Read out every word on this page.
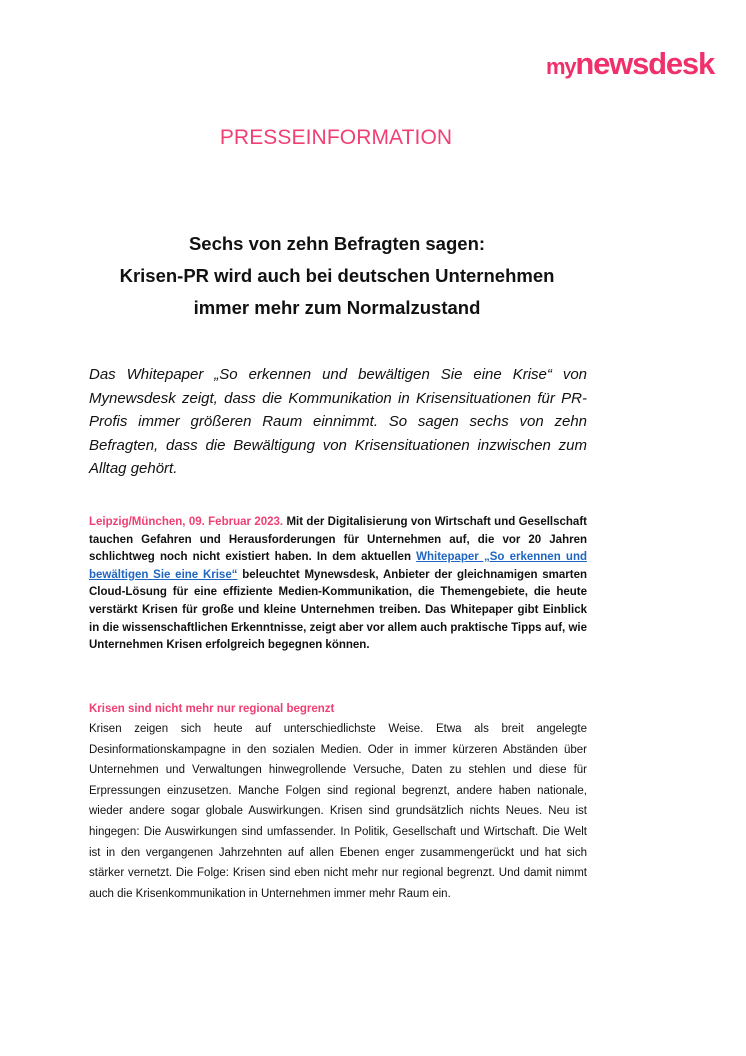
mynewsdesk
PRESSEINFORMATION
Sechs von zehn Befragten sagen:
Krisen-PR wird auch bei deutschen Unternehmen
immer mehr zum Normalzustand
Das Whitepaper „So erkennen und bewältigen Sie eine Krise“ von Mynewsdesk zeigt, dass die Kommunikation in Krisensituationen für PR-Profis immer größeren Raum einnimmt. So sagen sechs von zehn Befragten, dass die Bewältigung von Krisensituationen inzwischen zum Alltag gehört.
Leipzig/München, 09. Februar 2023. Mit der Digitalisierung von Wirtschaft und Gesellschaft tauchen Gefahren und Herausforderungen für Unternehmen auf, die vor 20 Jahren schlichtweg noch nicht existiert haben. In dem aktuellen Whitepaper „So erkennen und bewältigen Sie eine Krise“ beleuchtet Mynewsdesk, Anbieter der gleichnamigen smarten Cloud-Lösung für eine effiziente Medien-Kommunikation, die Themengebiete, die heute verstärkt Krisen für große und kleine Unternehmen treiben. Das Whitepaper gibt Einblick in die wissenschaftlichen Erkenntnisse, zeigt aber vor allem auch praktische Tipps auf, wie Unternehmen Krisen erfolgreich begegnen können.
Krisen sind nicht mehr nur regional begrenzt
Krisen zeigen sich heute auf unterschiedlichste Weise. Etwa als breit angelegte Desinformationskampagne in den sozialen Medien. Oder in immer kürzeren Abständen über Unternehmen und Verwaltungen hinwegrollende Versuche, Daten zu stehlen und diese für Erpressungen einzusetzen. Manche Folgen sind regional begrenzt, andere haben nationale, wieder andere sogar globale Auswirkungen. Krisen sind grundsätzlich nichts Neues. Neu ist hingegen: Die Auswirkungen sind umfassender. In Politik, Gesellschaft und Wirtschaft. Die Welt ist in den vergangenen Jahrzehnten auf allen Ebenen enger zusammengerückt und hat sich stärker vernetzt. Die Folge: Krisen sind eben nicht mehr nur regional begrenzt. Und damit nimmt auch die Krisenkommunikation in Unternehmen immer mehr Raum ein.
